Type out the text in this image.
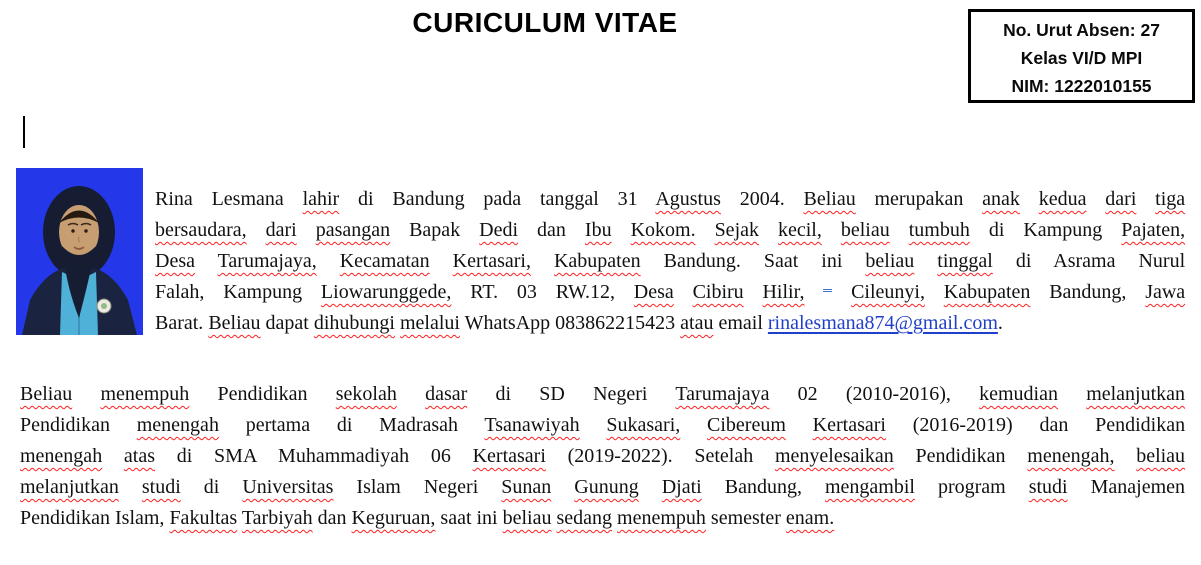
CURICULUM VITAE	No. Urut Absen: 27
Kelas VI/D MPI
NIM: 1222010155
Rina Lesmana lahir di Bandung pada tanggal 31 Agustus 2004. Beliau merupakan anak kedua dari tiga
bersaudara, dari pasangan Bapak Dedi dan Ibu Kokom. Sejak kecil, beliau tumbuh di Kampung Pajaten,
Desa Tarumajaya, Kecamatan Kertasari, Kabupaten Bandung. Saat ini beliau tinggal di Asrama Nurul
Falah, Kampung Liowarunggede, RT. 03 RW.12, Desa Cibiru Hilir, Cileunyi, Kabupaten Bandung, Jawa
Barat. Beliau dapat dihubungi melalui WhatsApp 083862215423 atau email rinalesmana874@gmail.com.
Beliau menempuh Pendidikan sekolah dasar di SD Negeri Tarumajaya 02 (2010-2016), kemudian melanjutkan
Pendidikan menengah pertama di Madrasah Tsanawiyah Sukasari, Cibereum Kertasari (2016-2019) dan Pendidikan
menengah atas di SMA Muhammadiyah 06 Kertasari (2019-2022). Setelah menyelesaikan Pendidikan menengah, beliau
melanjutkan studi di Universitas Islam Negeri Sunan Gunung Djati Bandung, mengambil program studi Manajemen
Pendidikan Islam, Fakultas Tarbiyah dan Keguruan, saat ini beliau sedang menempuh semester enam.
